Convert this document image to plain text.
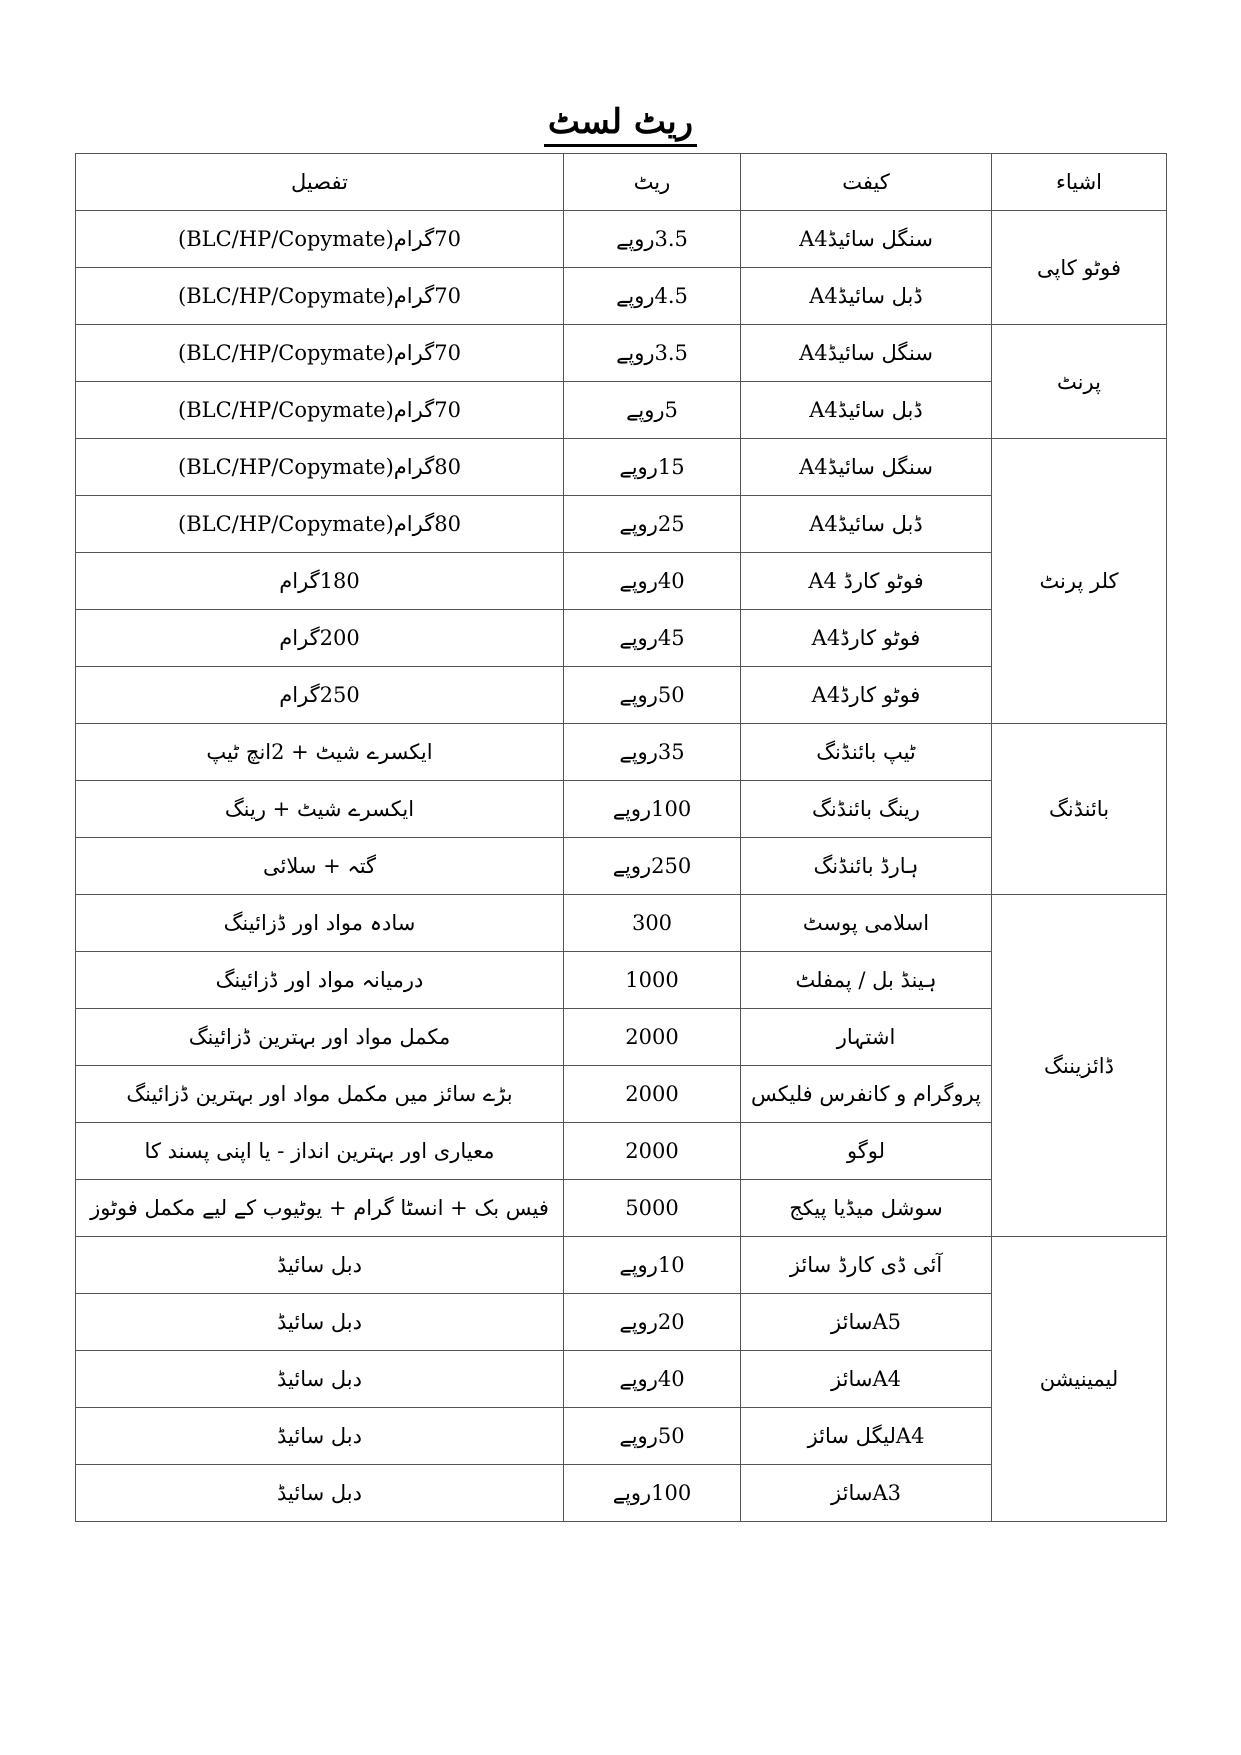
ریٹ لسٹ
اشیاء	کیفت	ریٹ	تفصیل
فوٹو کاپی	سنگل سائیڈA4	3.5روپے	70گرام(BLC/HP/Copymate)
	ڈبل سائیڈA4	4.5روپے	70گرام(BLC/HP/Copymate)
پرنٹ	سنگل سائیڈA4	3.5روپے	70گرام(BLC/HP/Copymate)
	ڈبل سائیڈA4	5روپے	70گرام(BLC/HP/Copymate)
کلر پرنٹ	سنگل سائیڈA4	15روپے	80گرام(BLC/HP/Copymate)
	ڈبل سائیڈA4	25روپے	80گرام(BLC/HP/Copymate)
	فوٹو کارڈ A4	40روپے	180گرام
	فوٹو کارڈA4	45روپے	200گرام
	فوٹو کارڈA4	50روپے	250گرام
بائنڈنگ	ٹیپ بائنڈنگ	35روپے	ایکسرے شیٹ + 2انچ ٹیپ
	رینگ بائنڈنگ	100روپے	ایکسرے شیٹ + رینگ
	ہارڈ بائنڈنگ	250روپے	گتہ + سلائی
ڈائزیننگ	اسلامی پوسٹ	300	سادہ مواد اور ڈزائینگ
	ہینڈ بل / پمفلٹ	1000	درمیانہ مواد اور ڈزائینگ
	اشتہار	2000	مکمل مواد اور بہترین ڈزائینگ
	پروگرام و کانفرس فلیکس	2000	بڑے سائز میں مکمل مواد اور بہترین ڈزائینگ
	لوگو	2000	معیاری اور بہترین انداز - یا اپنی پسند کا
	سوشل میڈیا پیکج	5000	فیس بک + انسٹا گرام + یوٹیوب کے لیے مکمل فوٹوز
لیمینیشن	آئی ڈی کارڈ سائز	10روپے	دبل سائیڈ
	A5سائز	20روپے	دبل سائیڈ
	A4سائز	40روپے	دبل سائیڈ
	A4لیگل سائز	50روپے	دبل سائیڈ
	A3سائز	100روپے	دبل سائیڈ
